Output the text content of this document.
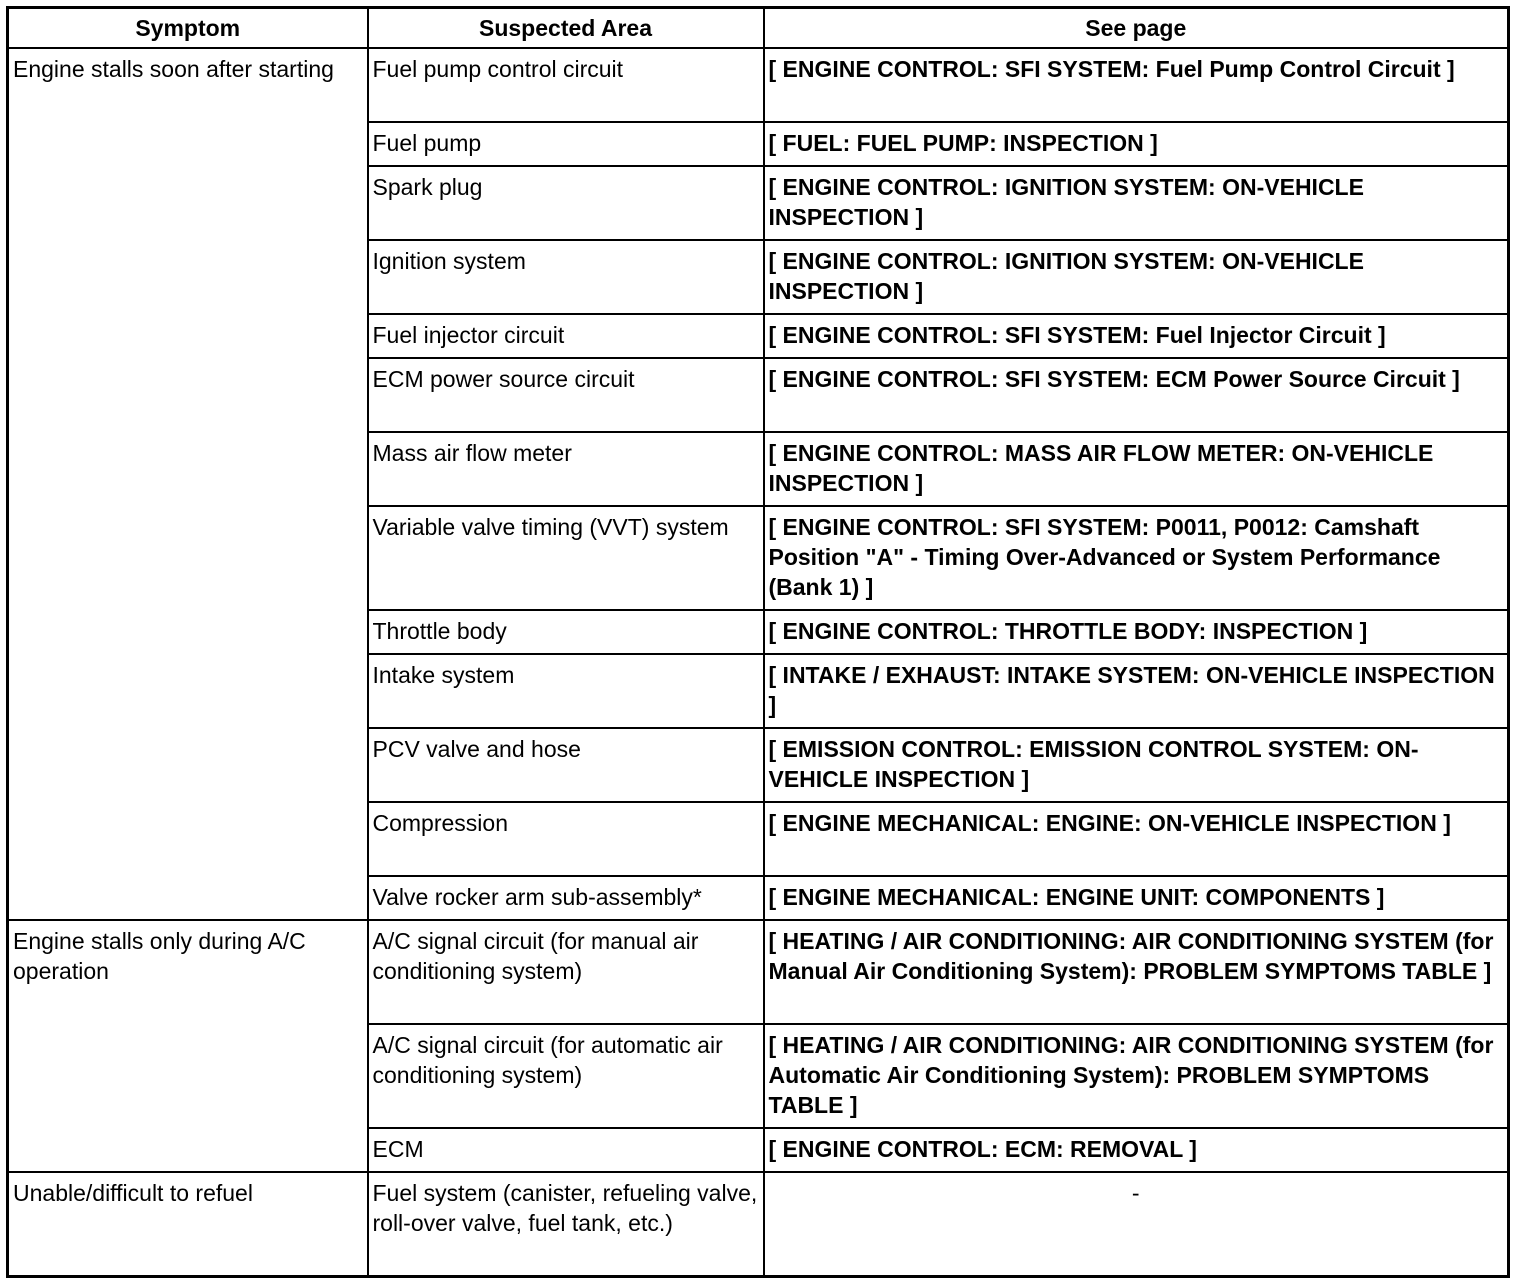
Symptom	Suspected Area	See page
Engine stalls soon after starting	Fuel pump control circuit	[ ENGINE CONTROL: SFI SYSTEM: Fuel Pump Control Circuit ]
	Fuel pump	[ FUEL: FUEL PUMP: INSPECTION ]
	Spark plug	[ ENGINE CONTROL: IGNITION SYSTEM: ON-VEHICLE INSPECTION ]
	Ignition system	[ ENGINE CONTROL: IGNITION SYSTEM: ON-VEHICLE INSPECTION ]
	Fuel injector circuit	[ ENGINE CONTROL: SFI SYSTEM: Fuel Injector Circuit ]
	ECM power source circuit	[ ENGINE CONTROL: SFI SYSTEM: ECM Power Source Circuit ]
	Mass air flow meter	[ ENGINE CONTROL: MASS AIR FLOW METER: ON-VEHICLE INSPECTION ]
	Variable valve timing (VVT) system	[ ENGINE CONTROL: SFI SYSTEM: P0011, P0012: Camshaft Position "A" - Timing Over-Advanced or System Performance (Bank 1) ]
	Throttle body	[ ENGINE CONTROL: THROTTLE BODY: INSPECTION ]
	Intake system	[ INTAKE / EXHAUST: INTAKE SYSTEM: ON-VEHICLE INSPECTION ]
	PCV valve and hose	[ EMISSION CONTROL: EMISSION CONTROL SYSTEM: ON-VEHICLE INSPECTION ]
	Compression	[ ENGINE MECHANICAL: ENGINE: ON-VEHICLE INSPECTION ]
	Valve rocker arm sub-assembly*	[ ENGINE MECHANICAL: ENGINE UNIT: COMPONENTS ]
Engine stalls only during A/C operation	A/C signal circuit (for manual air conditioning system)	[ HEATING / AIR CONDITIONING: AIR CONDITIONING SYSTEM (for Manual Air Conditioning System): PROBLEM SYMPTOMS TABLE ]
	A/C signal circuit (for automatic air conditioning system)	[ HEATING / AIR CONDITIONING: AIR CONDITIONING SYSTEM (for Automatic Air Conditioning System): PROBLEM SYMPTOMS TABLE ]
	ECM	[ ENGINE CONTROL: ECM: REMOVAL ]
Unable/difficult to refuel	Fuel system (canister, refueling valve, roll-over valve, fuel tank, etc.)	-
